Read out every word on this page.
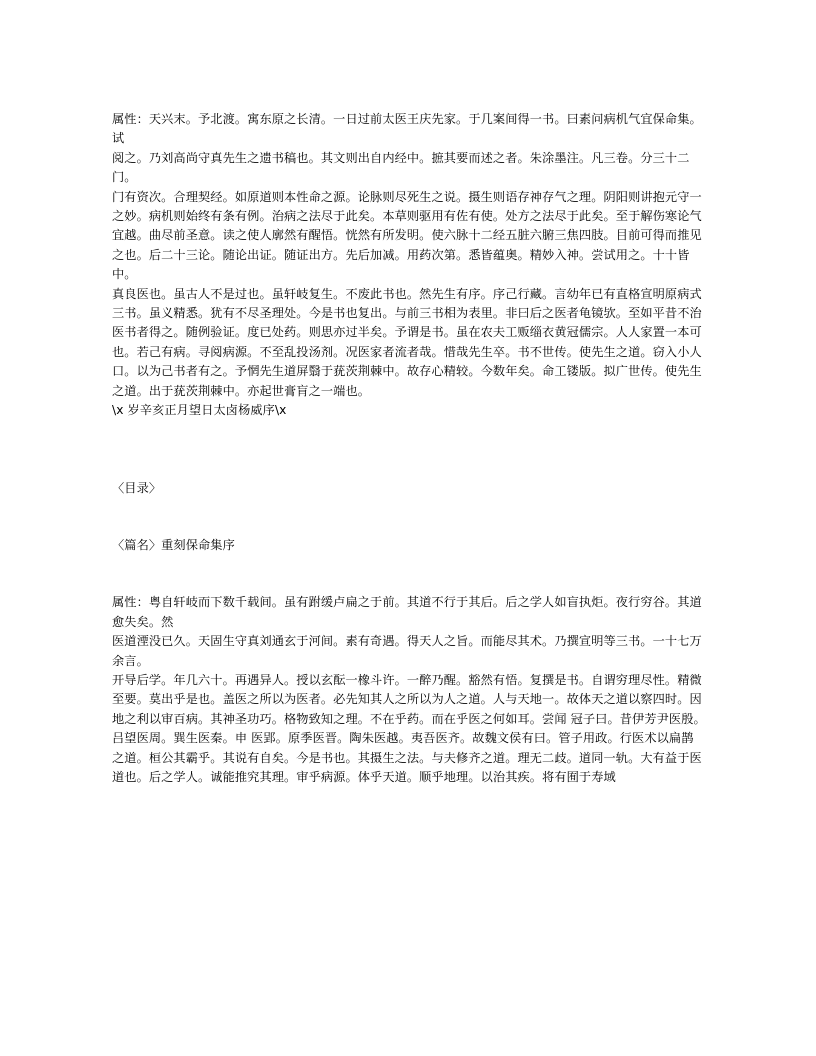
属性：天兴末。予北渡。寓东原之长清。一日过前太医王庆先家。于几案间得一书。曰素问病机气宜保命集。试

阅之。乃刘高尚守真先生之遗书稿也。其文则出自内经中。摭其要而述之者。朱涂墨注。凡三卷。分三十二门。

门有资次。合理契经。如原道则本性命之源。论脉则尽死生之说。摄生则语存神存气之理。阴阳则讲抱元守一

之妙。病机则始终有条有例。治病之法尽于此矣。本草则驱用有佐有使。处方之法尽于此矣。至于解伤寒论气

宜越。曲尽前圣意。读之使人廓然有醒悟。恍然有所发明。使六脉十二经五脏六腑三焦四肢。目前可得而推见

之也。后二十三论。随论出证。随证出方。先后加减。用药次第。悉皆蕴奥。精妙入神。尝试用之。十十皆中。

真良医也。虽古人不是过也。虽轩岐复生。不废此书也。然先生有序。序己行藏。言幼年已有直格宣明原病式

三书。虽义精悉。犹有不尽圣理处。今是书也复出。与前三书相为表里。非曰后之医者龟镜欤。至如平昔不治

医书者得之。随例验证。度已处药。则思亦过半矣。予谓是书。虽在农夫工贩缁衣黄冠儒宗。人人家置一本可

也。若己有病。寻阅病源。不至乱投汤剂。况医家者流者哉。惜哉先生卒。书不世传。使先生之道。窃入小人

口。以为己书者有之。予惘先生道屏翳于莸茨荆棘中。故存心精较。今数年矣。命工镂版。拟广世传。使先生

之道。出于莸茨荆棘中。亦起世膏肓之一端也。

\x 岁辛亥正月望日太卤杨威序\x

〈目录〉

〈篇名〉重刻保命集序

属性：粤自轩岐而下数千载间。虽有跗缓卢扁之于前。其道不行于其后。后之学人如盲执炬。夜行穷谷。其道愈失矣。然

医道湮没已久。天固生守真刘通玄于河间。素有奇遇。得天人之旨。而能尽其术。乃撰宣明等三书。一十七万余言。

开导后学。年几六十。再遇异人。授以玄酝一橡斗许。一醉乃醒。豁然有悟。复撰是书。自谓穷理尽性。精微

至要。莫出乎是也。盖医之所以为医者。必先知其人之所以为人之道。人与天地一。故体天之道以察四时。因

地之利以审百病。其神圣功巧。格物致知之理。不在乎药。而在乎医之何如耳。尝闻 冠子曰。昔伊芳尹医殷。

吕望医周。巽生医秦。申 医郢。原季医晋。陶朱医越。夷吾医齐。故魏文侯有曰。管子用政。行医术以扁鹊

之道。桓公其霸乎。其说有自矣。今是书也。其摄生之法。与夫修齐之道。理无二歧。道同一轨。大有益于医

道也。后之学人。诚能推究其理。审乎病源。体乎天道。顺乎地理。以治其疾。将有囿于寿域
